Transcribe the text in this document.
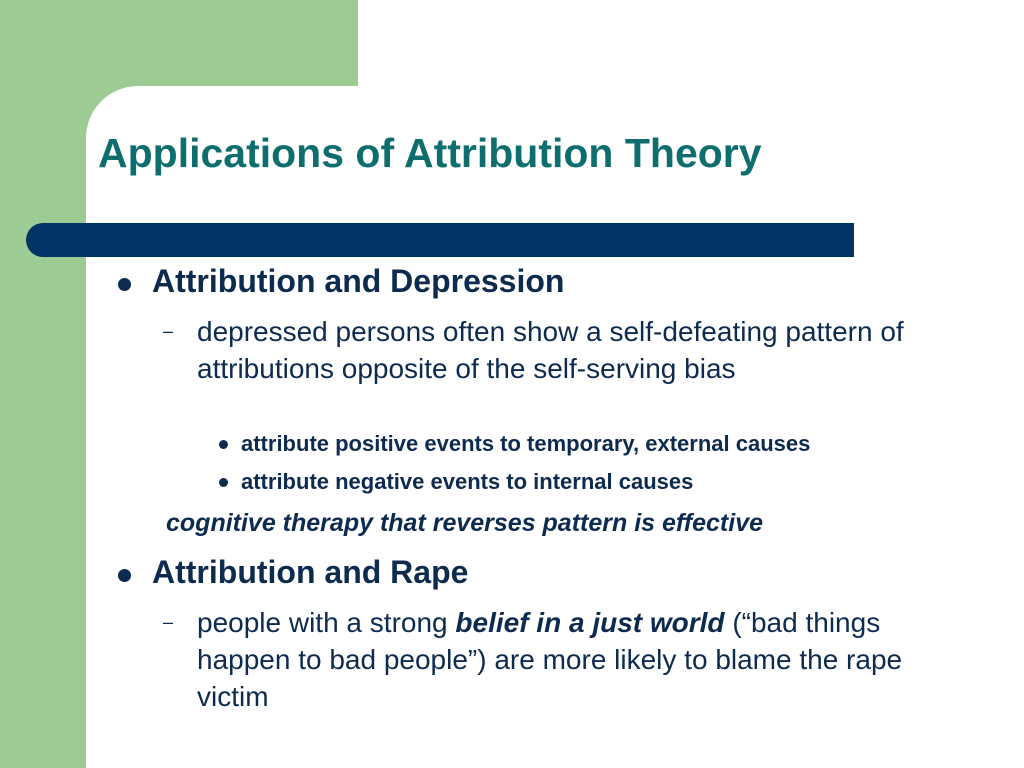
Applications of Attribution Theory
Attribution and Depression
– depressed persons often show a self-defeating pattern of attributions opposite of the self-serving bias
attribute positive events to temporary, external causes
attribute negative events to internal causes
cognitive therapy that reverses pattern is effective
Attribution and Rape
– people with a strong belief in a just world (“bad things happen to bad people”) are more likely to blame the rape victim
